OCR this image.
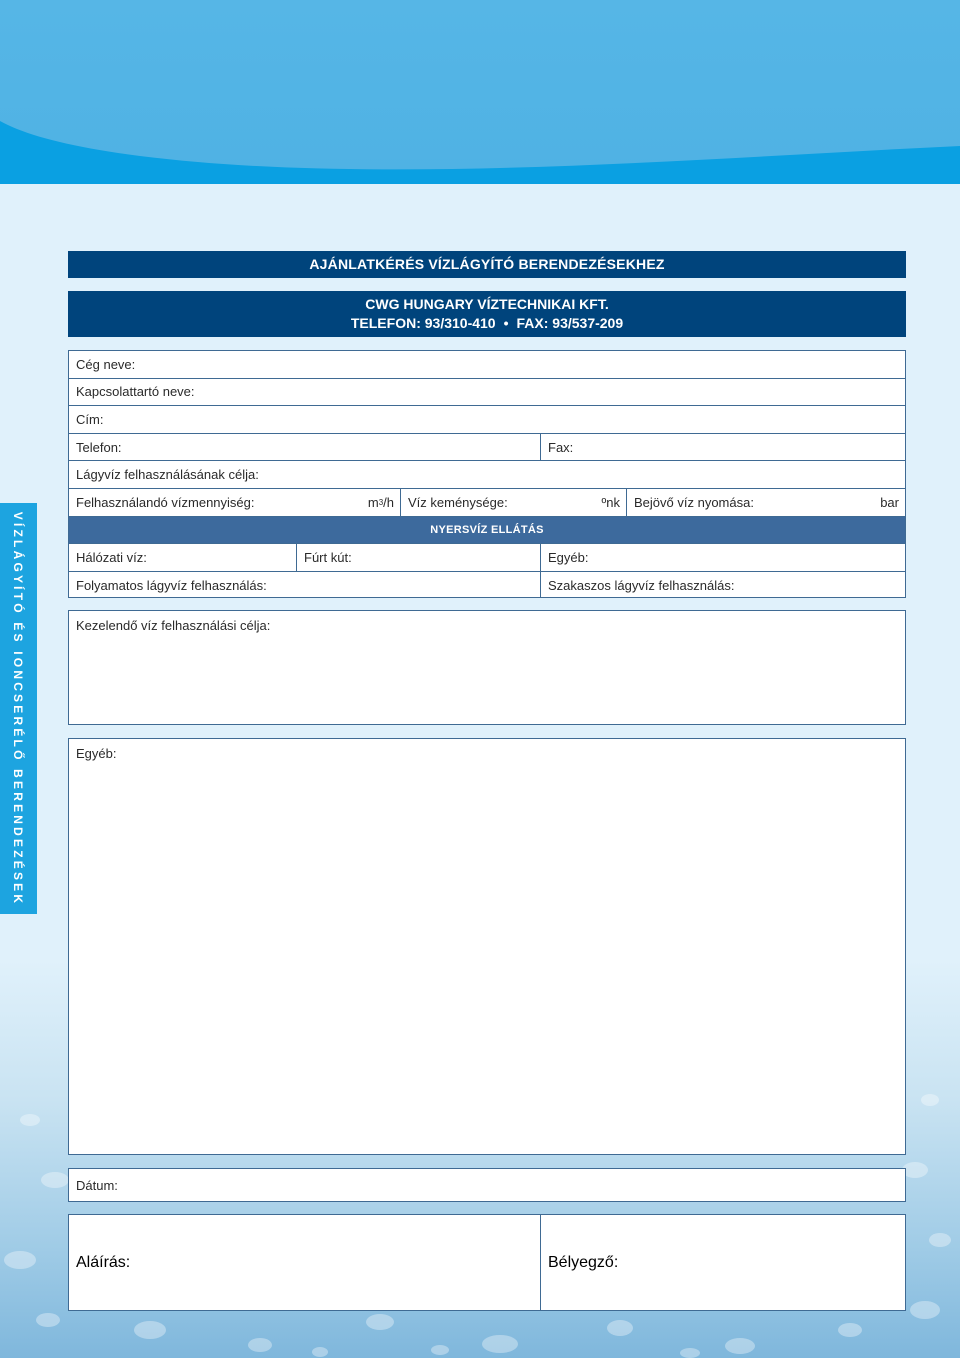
VÍZLÁGYÍTÓ ÉS IONCSERÉLŐ BERENDEZÉSEK
AJÁNLATKÉRÉS VÍZLÁGYÍTÓ BERENDEZÉSEKHEZ
CWG HUNGARY VÍZTECHNIKAI KFT.
TELEFON: 93/310-410 • FAX: 93/537-209
Cég neve:
Kapcsolattartó neve:
Cím:
Telefon:	Fax:
Lágyvíz felhasználásának célja:
Felhasználandó vízmennyiség:	m 3 /h Víz keménysége:	ºnk Bejövő víz nyomása:	bar
NYERSVÍZ ELLÁTÁS
Hálózati víz:	Fúrt kút:	Egyéb:
Folyamatos lágyvíz felhasználás:	Szakaszos lágyvíz felhasználás:
Kezelendő víz felhasználási célja:
Egyéb:
Dátum:
Aláírás:	Bélyegző:
